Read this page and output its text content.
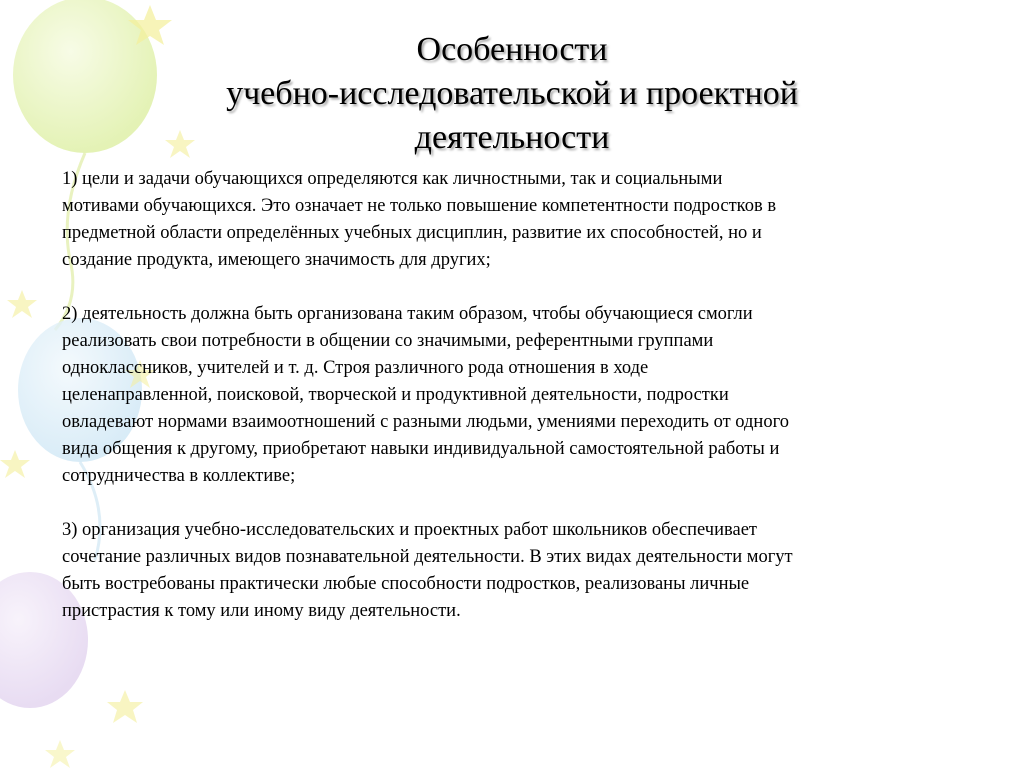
Особенности
учебно-исследовательской и проектной
деятельности

1) цели и задачи обучающихся определяются как личностными, так и социальными
мотивами обучающихся. Это означает не только повышение компетентности подростков в
предметной области определённых учебных дисциплин, развитие их способностей, но и
создание продукта, имеющего значимость для других;

2) деятельность должна быть организована таким образом, чтобы обучающиеся смогли
реализовать свои потребности в общении со значимыми, референтными группами
одноклассников, учителей и т. д. Строя различного рода отношения в ходе
целенаправленной, поисковой, творческой и продуктивной деятельности, подростки
овладевают нормами взаимоотношений с разными людьми, умениями переходить от одного
вида общения к другому, приобретают навыки индивидуальной самостоятельной работы и
сотрудничества в коллективе;

3) организация учебно-исследовательских и проектных работ школьников обеспечивает
сочетание различных видов познавательной деятельности. В этих видах деятельности могут
быть востребованы практически любые способности подростков, реализованы личные
пристрастия к тому или иному виду деятельности.
